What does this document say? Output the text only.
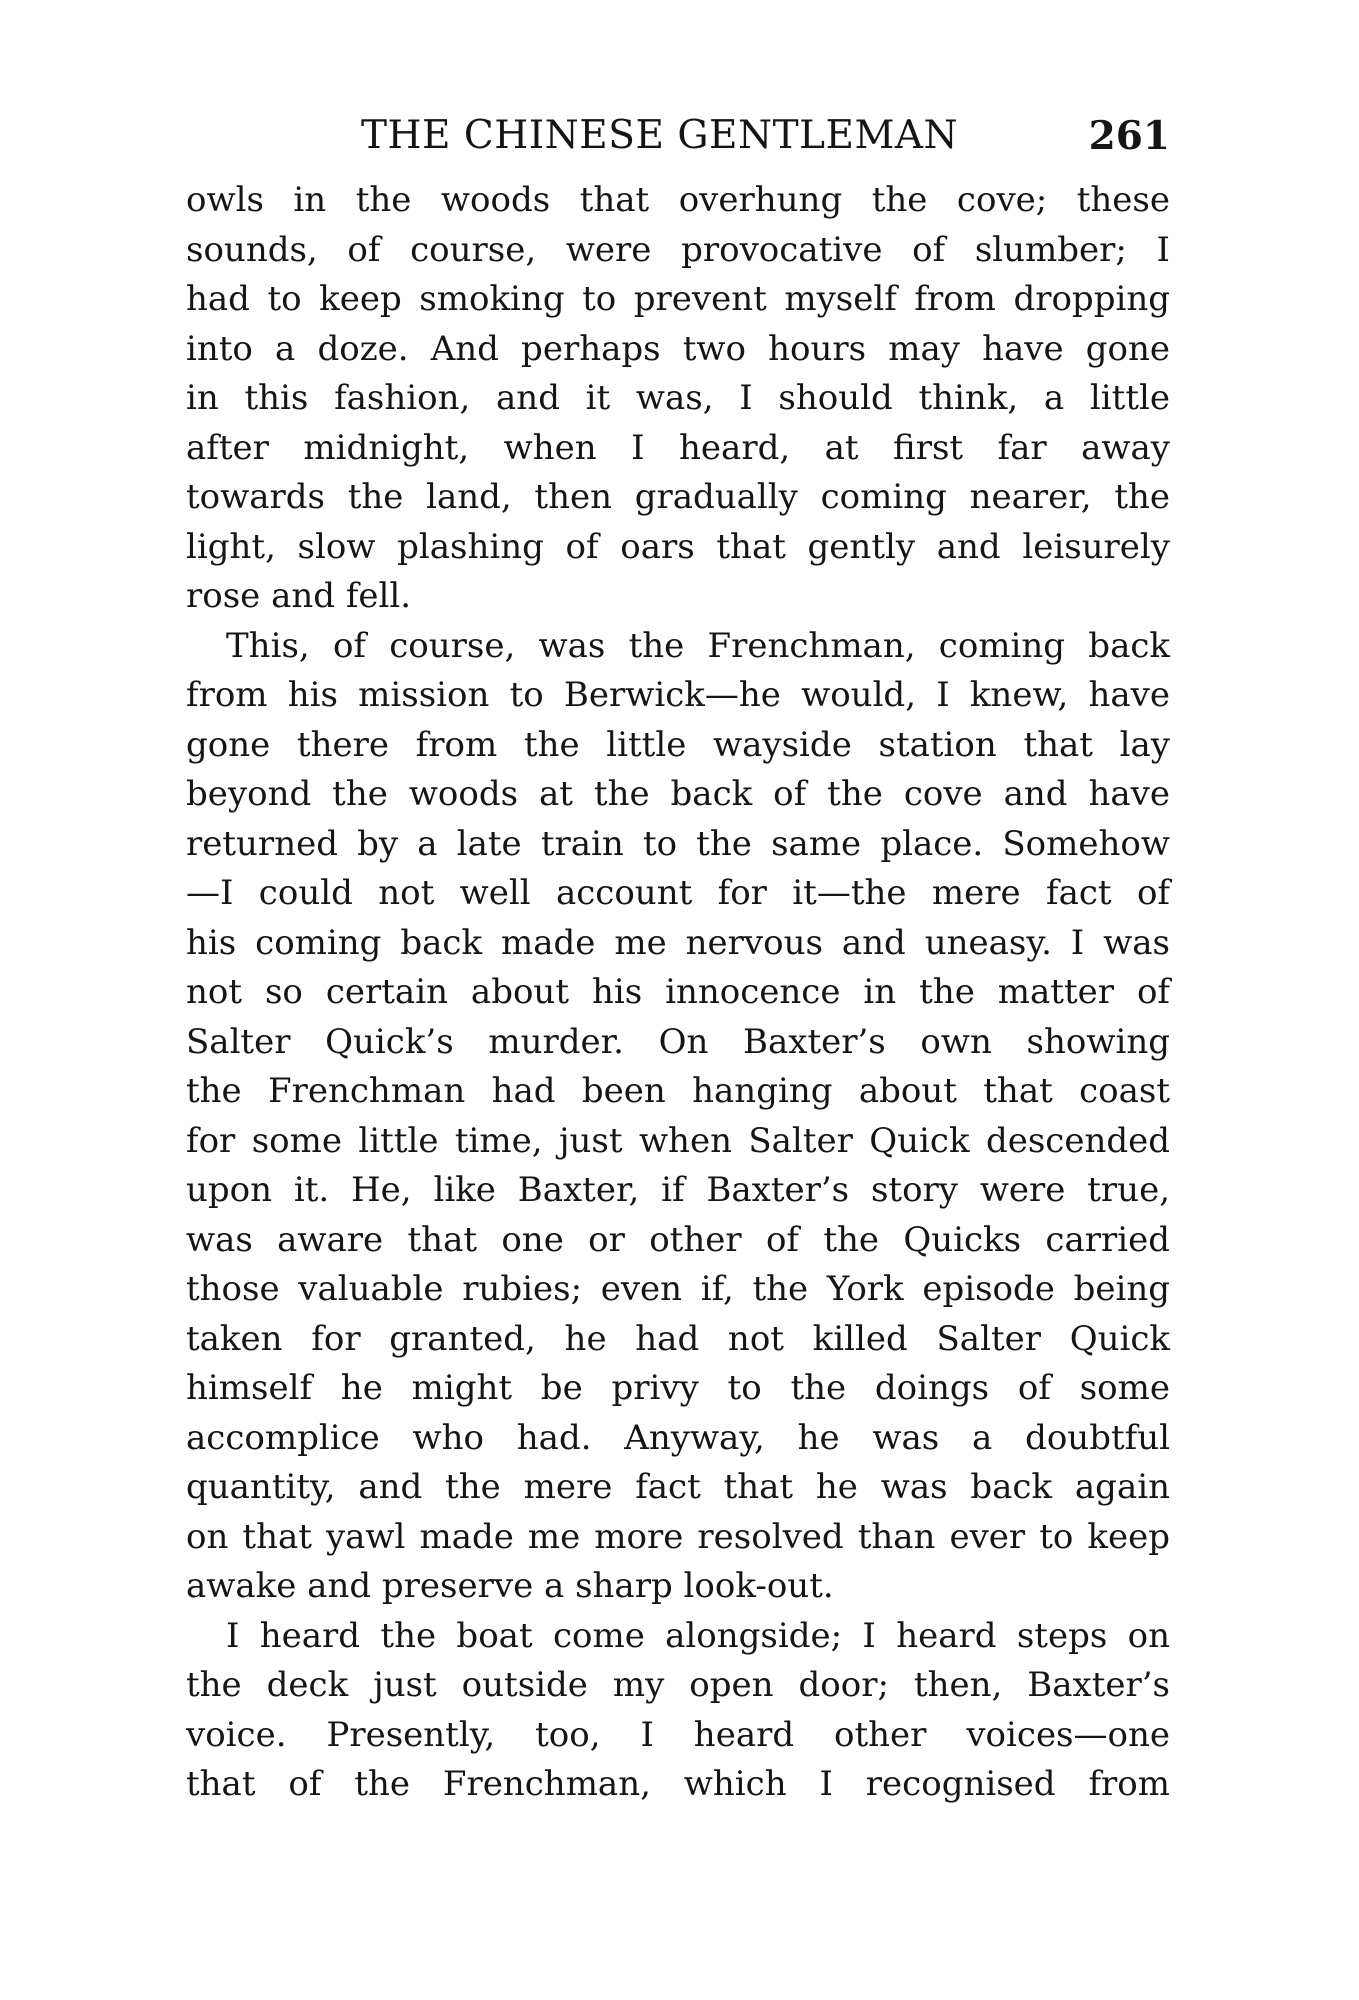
THE CHINESE GENTLEMAN	261
owls in the woods that overhung the cove; these
sounds, of course, were provocative of slumber; I
had to keep smoking to prevent myself from dropping
into a doze. And perhaps two hours may have gone
in this fashion, and it was, I should think, a little
after midnight, when I heard, at first far away
towards the land, then gradually coming nearer, the
light, slow plashing of oars that gently and leisurely
rose and fell.
This, of course, was the Frenchman, coming back
from his mission to Berwick—he would, I knew, have
gone there from the little wayside station that lay
beyond the woods at the back of the cove and have
returned by a late train to the same place. Somehow
—I could not well account for it—the mere fact of
his coming back made me nervous and uneasy. I was
not so certain about his innocence in the matter of
Salter Quick’s murder. On Baxter’s own showing
the Frenchman had been hanging about that coast
for some little time, just when Salter Quick descended
upon it. He, like Baxter, if Baxter’s story were true,
was aware that one or other of the Quicks carried
those valuable rubies; even if, the York episode being
taken for granted, he had not killed Salter Quick
himself he might be privy to the doings of some
accomplice who had. Anyway, he was a doubtful
quantity, and the mere fact that he was back again
on that yawl made me more resolved than ever to keep
awake and preserve a sharp look-out.
I heard the boat come alongside; I heard steps on
the deck just outside my open door; then, Baxter’s
voice. Presently, too, I heard other voices—one
that of the Frenchman, which I recognised from
